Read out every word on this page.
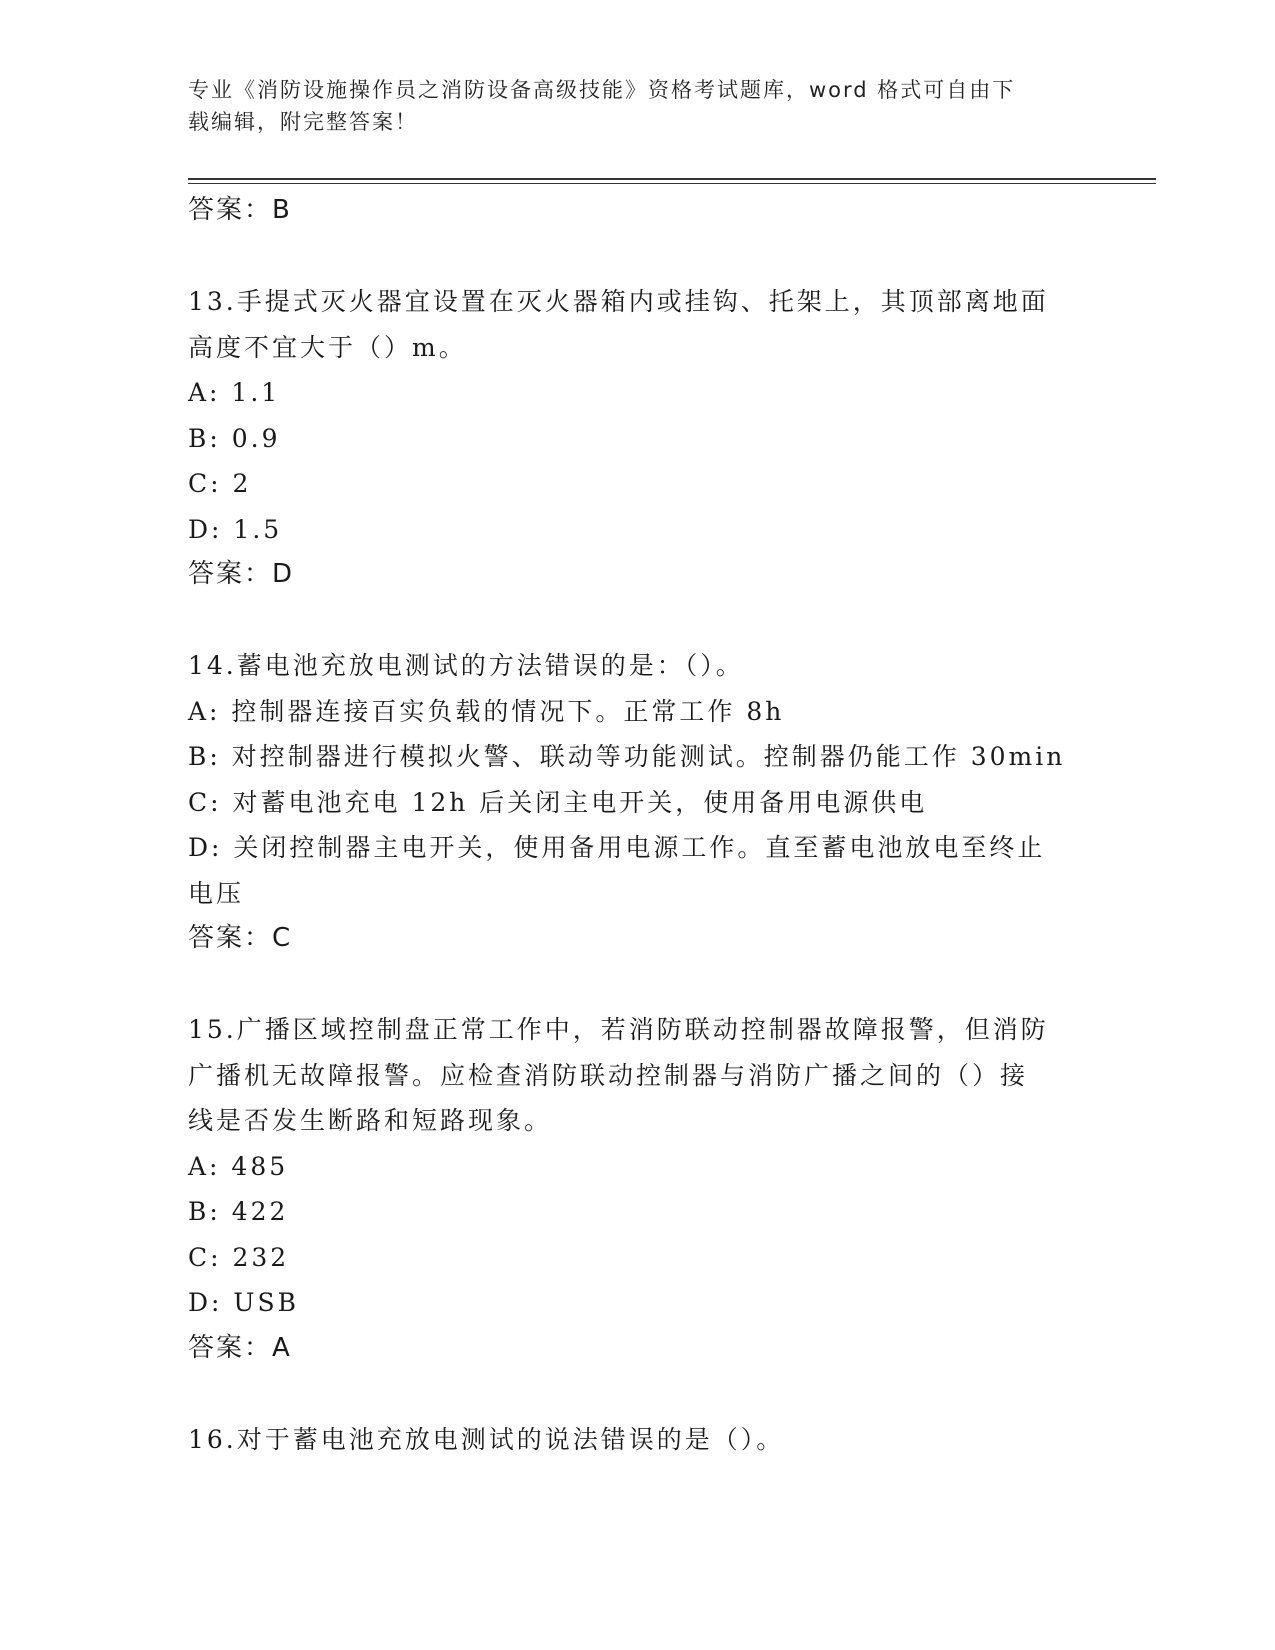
专业《消防设施操作员之消防设备高级技能》资格考试题库，word 格式可自由下
载编辑，附完整答案！
答案：B
13.手提式灭火器宜设置在灭火器箱内或挂钩、托架上，其顶部离地面
高度不宜大于（）m。
A: 1.1
B: 0.9
C: 2
D: 1.5
答案：D
14.蓄电池充放电测试的方法错误的是：（）。
A: 控制器连接百实负载的情况下。正常工作 8h
B: 对控制器进行模拟火警、联动等功能测试。控制器仍能工作 30min
C: 对蓄电池充电 12h 后关闭主电开关，使用备用电源供电
D: 关闭控制器主电开关，使用备用电源工作。直至蓄电池放电至终止
电压
答案：C
15.广播区域控制盘正常工作中，若消防联动控制器故障报警，但消防
广播机无故障报警。应检查消防联动控制器与消防广播之间的（）接
线是否发生断路和短路现象。
A: 485
B: 422
C: 232
D: USB
答案：A
16.对于蓄电池充放电测试的说法错误的是（）。
